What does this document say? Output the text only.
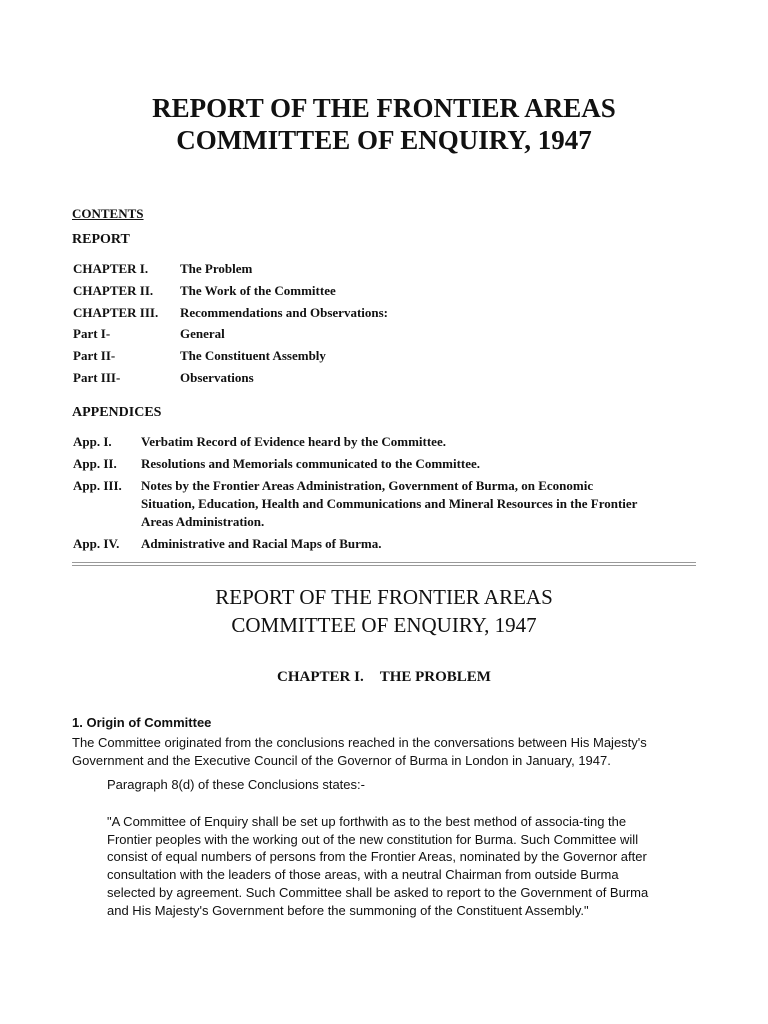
REPORT OF THE FRONTIER AREAS
COMMITTEE OF ENQUIRY, 1947
CONTENTS
REPORT
CHAPTER I.	The Problem
CHAPTER II.	The Work of the Committee
CHAPTER III.	Recommendations and Observations:
Part I-	General
Part II-	The Constituent Assembly
Part III-	Observations
APPENDICES
App. I.	Verbatim Record of Evidence heard by the Committee.
App. II.	Resolutions and Memorials communicated to the Committee.
App. III.	Notes by the Frontier Areas Administration, Government of Burma, on Economic Situation, Education, Health and Communications and Mineral Resources in the Frontier Areas Administration.
App. IV.	Administrative and Racial Maps of Burma.
REPORT OF THE FRONTIER AREAS
COMMITTEE OF ENQUIRY, 1947
CHAPTER I. THE PROBLEM
1. Origin of Committee
The Committee originated from the conclusions reached in the conversations between His Majesty's Government and the Executive Council of the Governor of Burma in London in January, 1947.
Paragraph 8(d) of these Conclusions states:-
"A Committee of Enquiry shall be set up forthwith as to the best method of associa-ting the Frontier peoples with the working out of the new constitution for Burma. Such Committee will consist of equal numbers of persons from the Frontier Areas, nominated by the Governor after consultation with the leaders of those areas, with a neutral Chairman from outside Burma selected by agreement. Such Committee shall be asked to report to the Government of Burma and His Majesty's Government before the summoning of the Constituent Assembly."
